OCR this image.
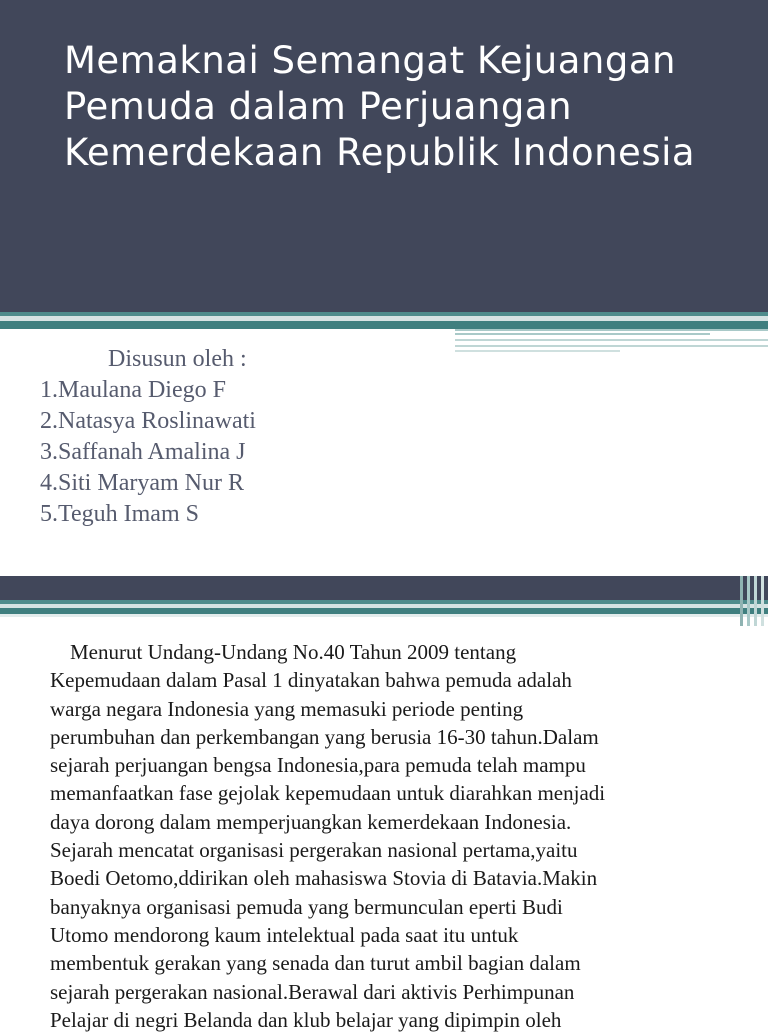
Memaknai Semangat Kejuangan
Pemuda dalam Perjuangan
Kemerdekaan Republik Indonesia
Disusun oleh :
1.Maulana Diego F
2.Natasya Roslinawati
3.Saffanah Amalina J
4.Siti Maryam Nur R
5.Teguh Imam S

Menurut Undang-Undang No.40 Tahun 2009 tentang
Kepemudaan dalam Pasal 1 dinyatakan bahwa pemuda adalah
warga negara Indonesia yang memasuki periode penting
perumbuhan dan perkembangan yang berusia 16-30 tahun.Dalam
sejarah perjuangan bengsa Indonesia,para pemuda telah mampu
memanfaatkan fase gejolak kepemudaan untuk diarahkan menjadi
daya dorong dalam memperjuangkan kemerdekaan Indonesia.
Sejarah mencatat organisasi pergerakan nasional pertama,yaitu
Boedi Oetomo,ddirikan oleh mahasiswa Stovia di Batavia.Makin
banyaknya organisasi pemuda yang bermunculan eperti Budi
Utomo mendorong kaum intelektual pada saat itu untuk
membentuk gerakan yang senada dan turut ambil bagian dalam
sejarah pergerakan nasional.Berawal dari aktivis Perhimpunan
Pelajar di negri Belanda dan klub belajar yang dipimpin oleh
